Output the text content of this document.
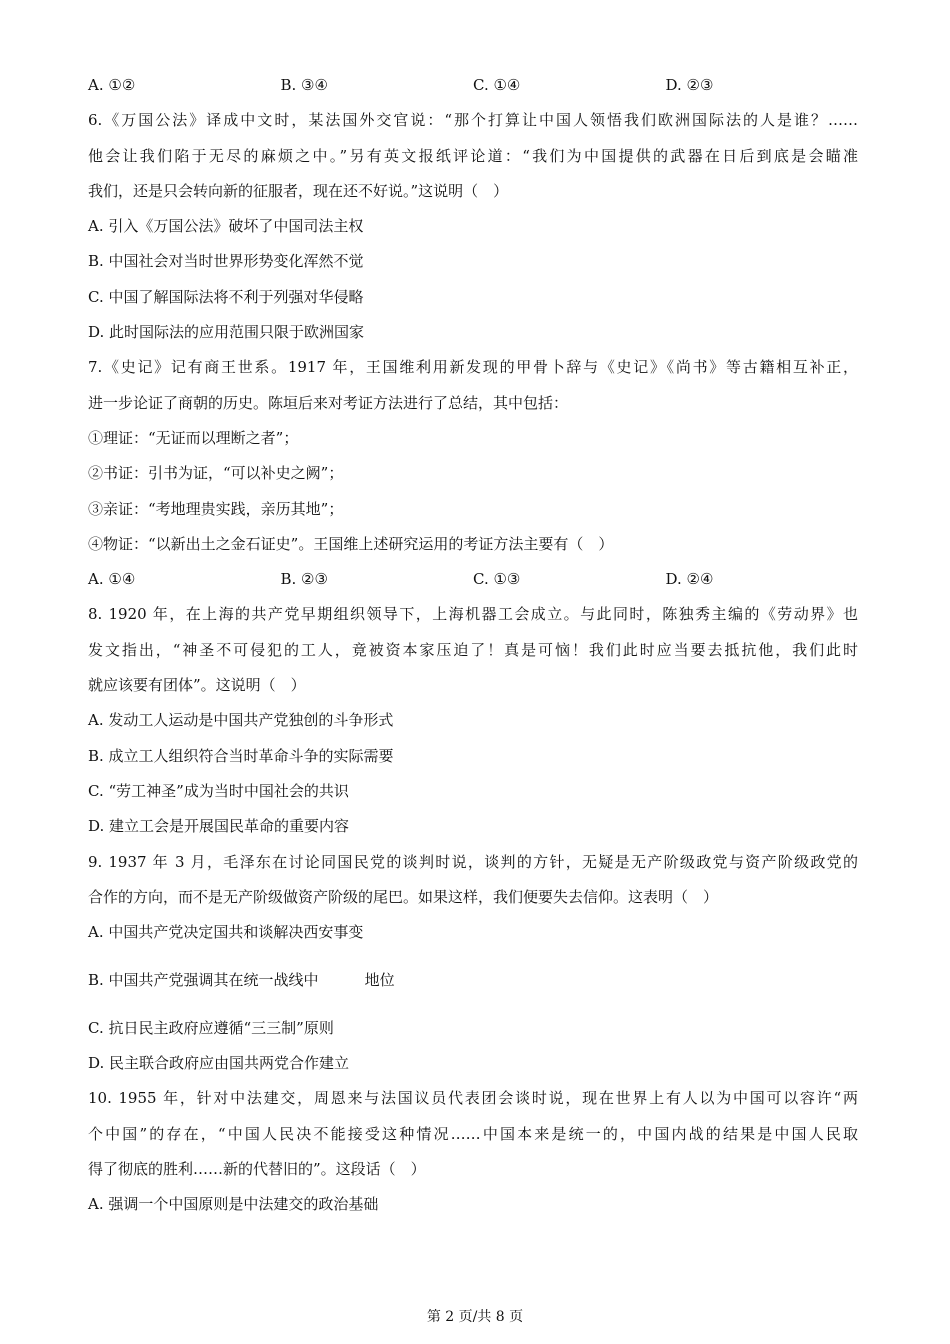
A. ①②	B. ③④	C. ①④	D. ②③
6.《万国公法》译成中文时，某法国外交官说：“那个打算让中国人领悟我们欧洲国际法的人是谁？……
他会让我们陷于无尽的麻烦之中。”另有英文报纸评论道：“我们为中国提供的武器在日后到底是会瞄准
我们，还是只会转向新的征服者，现在还不好说。”这说明（　）
A. 引入《万国公法》破坏了中国司法主权
B. 中国社会对当时世界形势变化浑然不觉
C. 中国了解国际法将不利于列强对华侵略
D. 此时国际法的应用范围只限于欧洲国家
7.《史记》记有商王世系。1917 年，王国维利用新发现的甲骨卜辞与《史记》《尚书》等古籍相互补正，
进一步论证了商朝的历史。陈垣后来对考证方法进行了总结，其中包括：
①理证：“无证而以理断之者”；
②书证：引书为证，“可以补史之阙”；
③亲证：“考地理贵实践，亲历其地”；
④物证：“以新出土之金石证史”。王国维上述研究运用的考证方法主要有（　）
A. ①④	B. ②③	C. ①③	D. ②④
8. 1920 年，在上海的共产党早期组织领导下，上海机器工会成立。与此同时，陈独秀主编的《劳动界》也
发文指出，“神圣不可侵犯的工人，竟被资本家压迫了！真是可恼！我们此时应当要去抵抗他，我们此时
就应该要有团体”。这说明（　）
A. 发动工人运动是中国共产党独创的斗争形式
B. 成立工人组织符合当时革命斗争的实际需要
C. “劳工神圣”成为当时中国社会的共识
D. 建立工会是开展国民革命的重要内容
9. 1937 年 3 月，毛泽东在讨论同国民党的谈判时说，谈判的方针，无疑是无产阶级政党与资产阶级政党的
合作的方向，而不是无产阶级做资产阶级的尾巴。如果这样，我们便要失去信仰。这表明（　）
A. 中国共产党决定国共和谈解决西安事变
B. 中国共产党强调其在统一战线中	地位
C. 抗日民主政府应遵循“三三制”原则
D. 民主联合政府应由国共两党合作建立
10. 1955 年，针对中法建交，周恩来与法国议员代表团会谈时说，现在世界上有人以为中国可以容许“两
个中国”的存在，“中国人民决不能接受这种情况……中国本来是统一的，中国内战的结果是中国人民取
得了彻底的胜利……新的代替旧的”。这段话（　）
A. 强调一个中国原则是中法建交的政治基础
第 2 页/共 8 页
